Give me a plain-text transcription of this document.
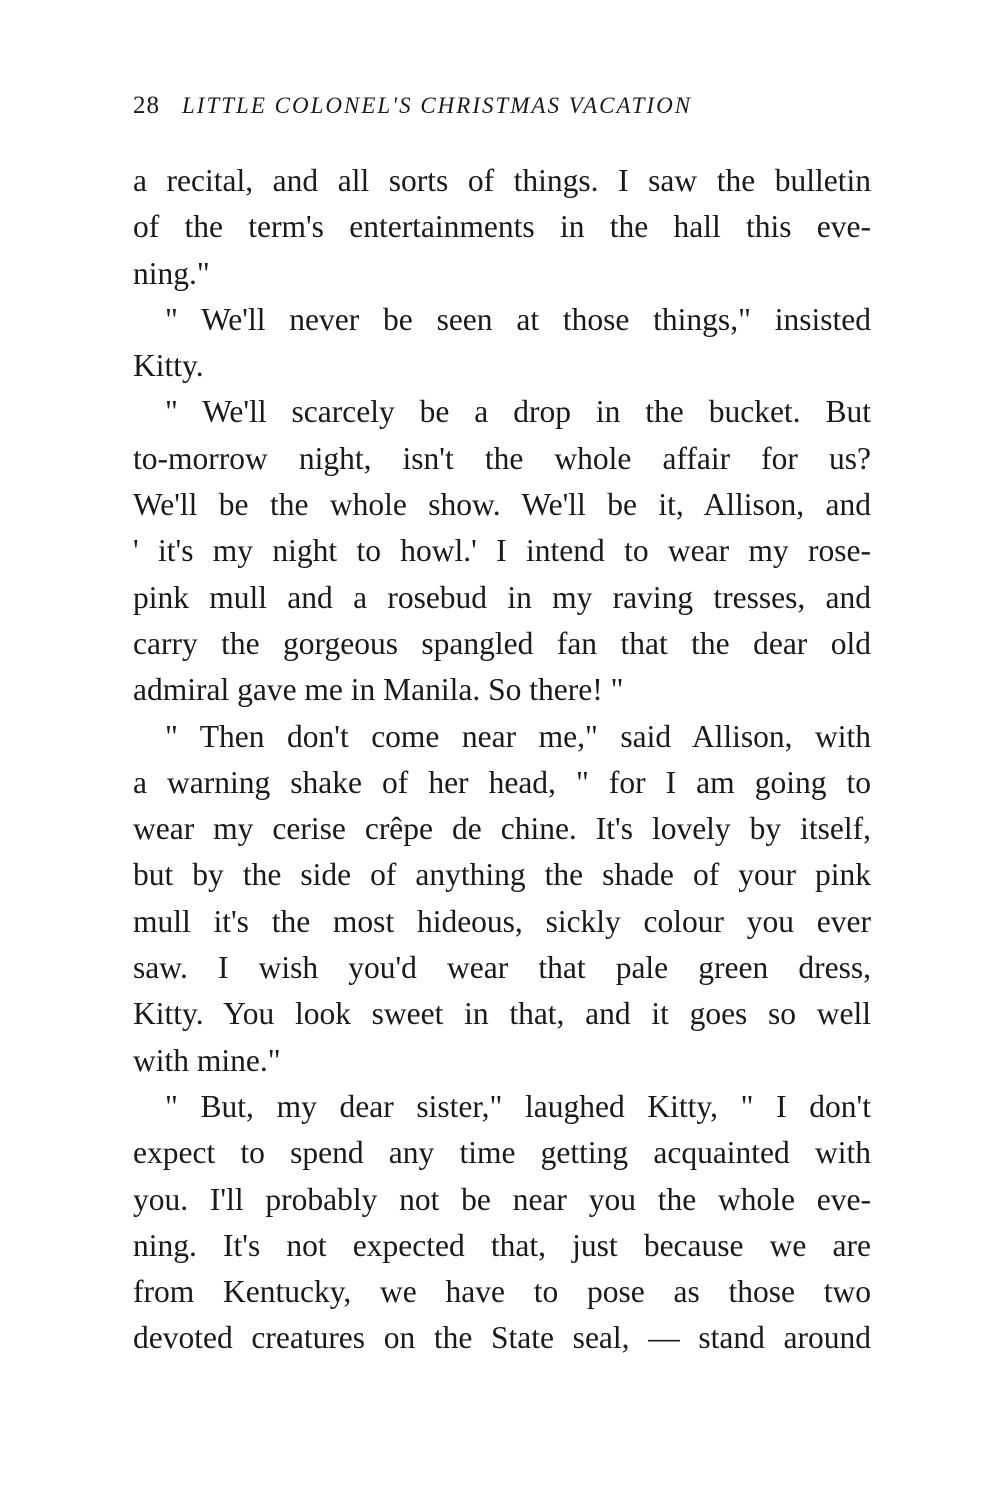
28 LITTLE COLONEL'S CHRISTMAS VACATION
a recital, and all sorts of things. I saw the bulletin
of the term's entertainments in the hall this eve-
ning."
" We'll never be seen at those things," insisted
Kitty.
" We'll scarcely be a drop in the bucket. But
to-morrow night, isn't the whole affair for us?
We'll be the whole show. We'll be it, Allison, and
' it's my night to howl.' I intend to wear my rose-
pink mull and a rosebud in my raving tresses, and
carry the gorgeous spangled fan that the dear old
admiral gave me in Manila. So there! "
" Then don't come near me," said Allison, with
a warning shake of her head, " for I am going to
wear my cerise crêpe de chine. It's lovely by itself,
but by the side of anything the shade of your pink
mull it's the most hideous, sickly colour you ever
saw. I wish you'd wear that pale green dress,
Kitty. You look sweet in that, and it goes so well
with mine."
" But, my dear sister," laughed Kitty, " I don't
expect to spend any time getting acquainted with
you. I'll probably not be near you the whole eve-
ning. It's not expected that, just because we are
from Kentucky, we have to pose as those two
devoted creatures on the State seal, — stand around
